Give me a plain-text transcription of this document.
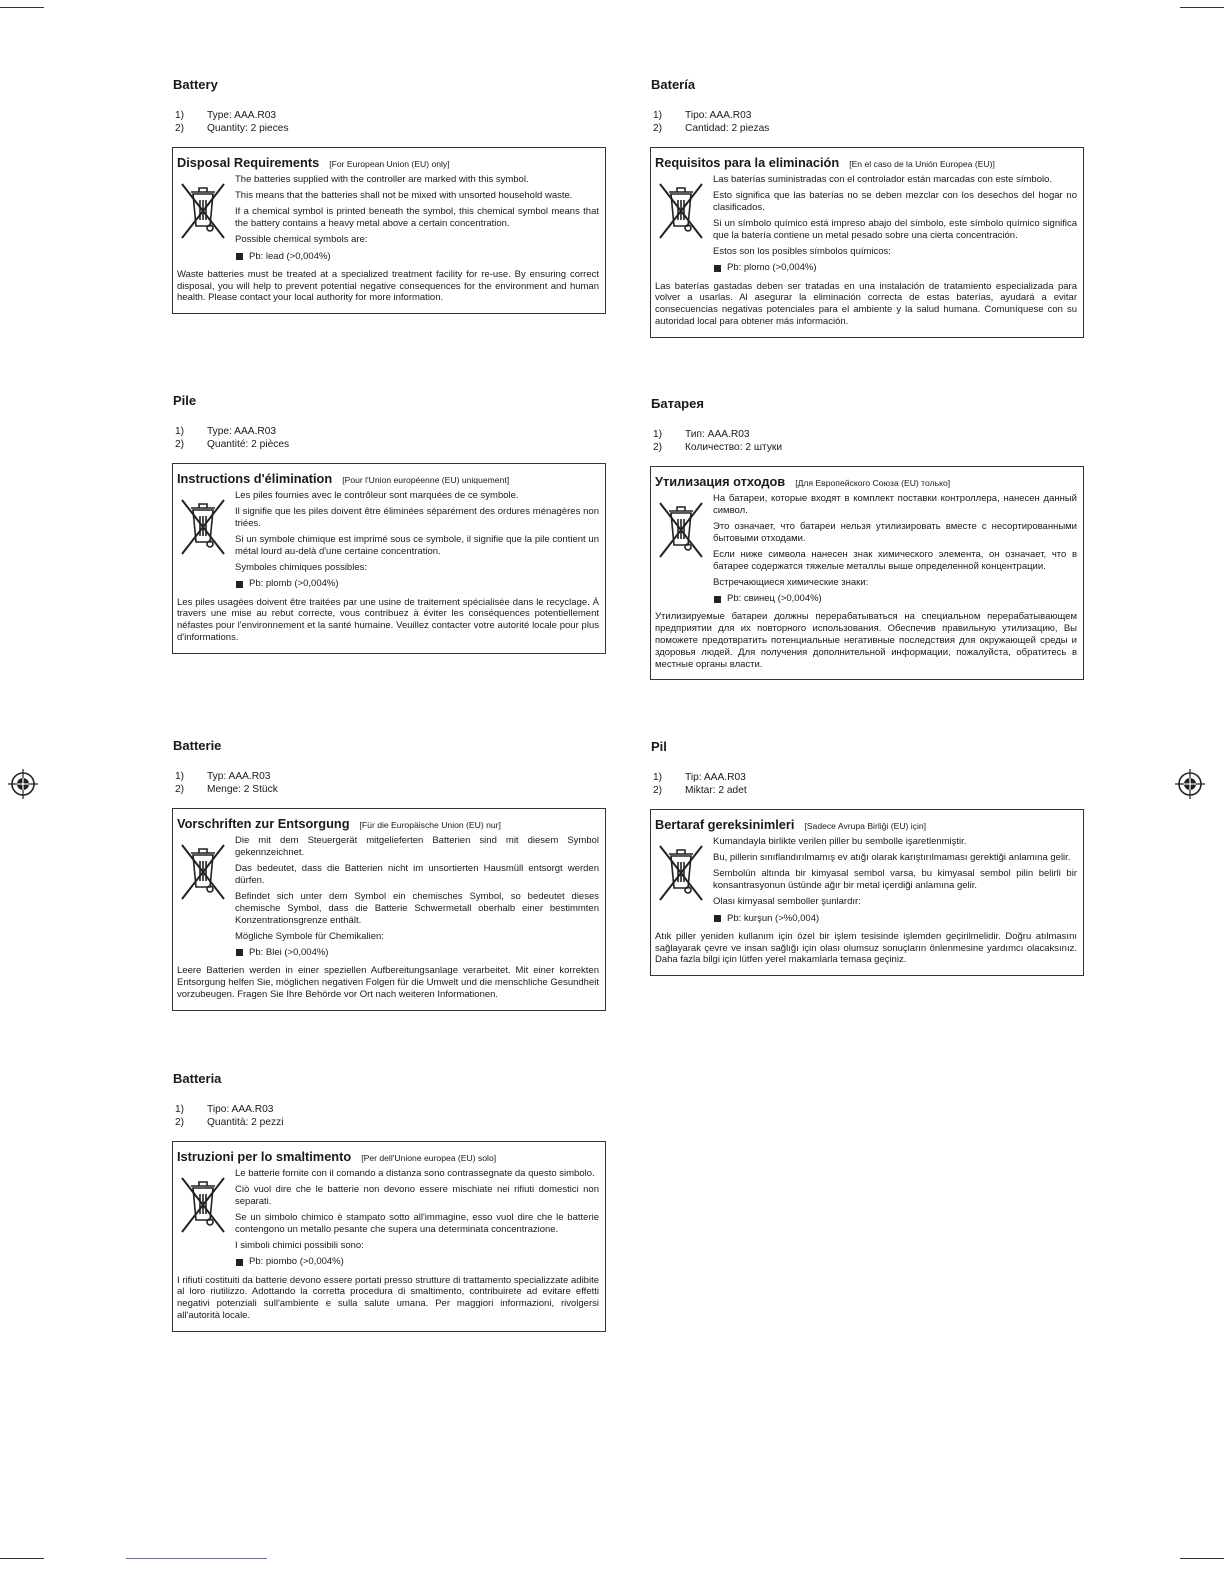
Battery
1)	Type: AAA.R03
2)	Quantity: 2 pieces
Disposal Requirements [For European Union (EU) only]

The batteries supplied with the controller are marked with this symbol.

This means that the batteries shall not be mixed with unsorted household waste.

If a chemical symbol is printed beneath the symbol, this chemical symbol means that the battery contains a heavy metal above a certain concentration.

Possible chemical symbols are:

Pb: lead (>0,004%)

Waste batteries must be treated at a specialized treatment facility for re-use. By ensuring correct disposal, you will help to prevent potential negative consequences for the environment and human health. Please contact your local authority for more information.
Batería
1)	Tipo: AAA.R03
2)	Cantidad: 2 piezas
Requisitos para la eliminación [En el caso de la Unión Europea (EU)]

Las baterías suministradas con el controlador están marcadas con este símbolo.

Esto significa que las baterías no se deben mezclar con los desechos del hogar no clasificados.

Si un símbolo químico está impreso abajo del símbolo, este símbolo químico significa que la batería contiene un metal pesado sobre una cierta concentración.

Estos son los posibles símbolos químicos:

Pb: plomo (>0,004%)

Las baterías gastadas deben ser tratadas en una instalación de tratamiento especializada para volver a usarlas. Al asegurar la eliminación correcta de estas baterías, ayudará a evitar consecuencias negativas potenciales para el ambiente y la salud humana. Comuníquese con su autoridad local para obtener más información.
Pile
1)	Type: AAA.R03
2)	Quantité: 2 pièces
Instructions d'élimination [Pour l'Union européenne (EU) uniquement]

Les piles fournies avec le contrôleur sont marquées de ce symbole.

Il signifie que les piles doivent être éliminées séparément des ordures ménagères non triées.

Si un symbole chimique est imprimé sous ce symbole, il signifie que la pile contient un métal lourd au-delà d'une certaine concentration.

Symboles chimiques possibles:

Pb: plomb (>0,004%)

Les piles usagées doivent être traitées par une usine de traitement spécialisée dans le recyclage. À travers une mise au rebut correcte, vous contribuez à éviter les conséquences potentiellement néfastes pour l'environnement et la santé humaine. Veuillez contacter votre autorité locale pour plus d'informations.
Батарея
1)	Тип: AAA.R03
2)	Количество: 2 штуки
Утилизация отходов [Для Европейского Союза (EU) только]

На батареи, которые входят в комплект поставки контроллера, нанесен данный символ.

Это означает, что батареи нельзя утилизировать вместе с несортированными бытовыми отходами.

Если ниже символа нанесен знак химического элемента, он означает, что в батарее содержатся тяжелые металлы выше определенной концентрации.

Встречающиеся химические знаки:

Pb: свинец (>0,004%)

Утилизируемые батареи должны перерабатываться на специальном перерабатывающем предприятии для их повторного использования. Обеспечив правильную утилизацию, Вы поможете предотвратить потенциальные негативные последствия для окружающей среды и здоровья людей. Для получения дополнительной информации, пожалуйста, обратитесь в местные органы власти.
Batterie
1)	Typ: AAA.R03
2)	Menge: 2 Stück
Vorschriften zur Entsorgung [Für die Europäische Union (EU) nur]

Die mit dem Steuergerät mitgelieferten Batterien sind mit diesem Symbol gekennzeichnet.

Das bedeutet, dass die Batterien nicht im unsortierten Hausmüll entsorgt werden dürfen.

Befindet sich unter dem Symbol ein chemisches Symbol, so bedeutet dieses chemische Symbol, dass die Batterie Schwermetall oberhalb einer bestimmten Konzentrationsgrenze enthält.

Mögliche Symbole für Chemikalien:

Pb: Blei (>0,004%)

Leere Batterien werden in einer speziellen Aufbereitungsanlage verarbeitet. Mit einer korrekten Entsorgung helfen Sie, möglichen negativen Folgen für die Umwelt und die menschliche Gesundheit vorzubeugen. Fragen Sie Ihre Behörde vor Ort nach weiteren Informationen.
Pil
1)	Tip: AAA.R03
2)	Miktar: 2 adet
Bertaraf gereksinimleri [Sadece Avrupa Birliği (EU) için]

Kumandayla birlikte verilen piller bu sembolle işaretlenmiştir.

Bu, pillerin sınıflandırılmamış ev atığı olarak karıştırılmaması gerektiği anlamına gelir.

Sembolün altında bir kimyasal sembol varsa, bu kimyasal sembol pilin belirli bir konsantrasyonun üstünde ağır bir metal içerdiği anlamına gelir.

Olası kimyasal semboller şunlardır:

Pb: kurşun (>%0,004)

Atık piller yeniden kullanım için özel bir işlem tesisinde işlemden geçirilmelidir. Doğru atılmasını sağlayarak çevre ve insan sağlığı için olası olumsuz sonuçların önlenmesine yardımcı olacaksınız. Daha fazla bilgi için lütfen yerel makamlarla temasa geçiniz.
Batteria
1)	Tipo: AAA.R03
2)	Quantità: 2 pezzi
Istruzioni per lo smaltimento [Per dell'Unione europea (EU) solo]

Le batterie fornite con il comando a distanza sono contrassegnate da questo simbolo.

Ciò vuol dire che le batterie non devono essere mischiate nei rifiuti domestici non separati.

Se un simbolo chimico è stampato sotto all'immagine, esso vuol dire che le batterie contengono un metallo pesante che supera una determinata concentrazione.

I simboli chimici possibili sono:

Pb: piombo (>0,004%)

I rifiuti costituiti da batterie devono essere portati presso strutture di trattamento specializzate adibite al loro riutilizzo. Adottando la corretta procedura di smaltimento, contribuirete ad evitare effetti negativi potenziali sull'ambiente e sulla salute umana. Per maggiori informazioni, rivolgersi all'autorità locale.
